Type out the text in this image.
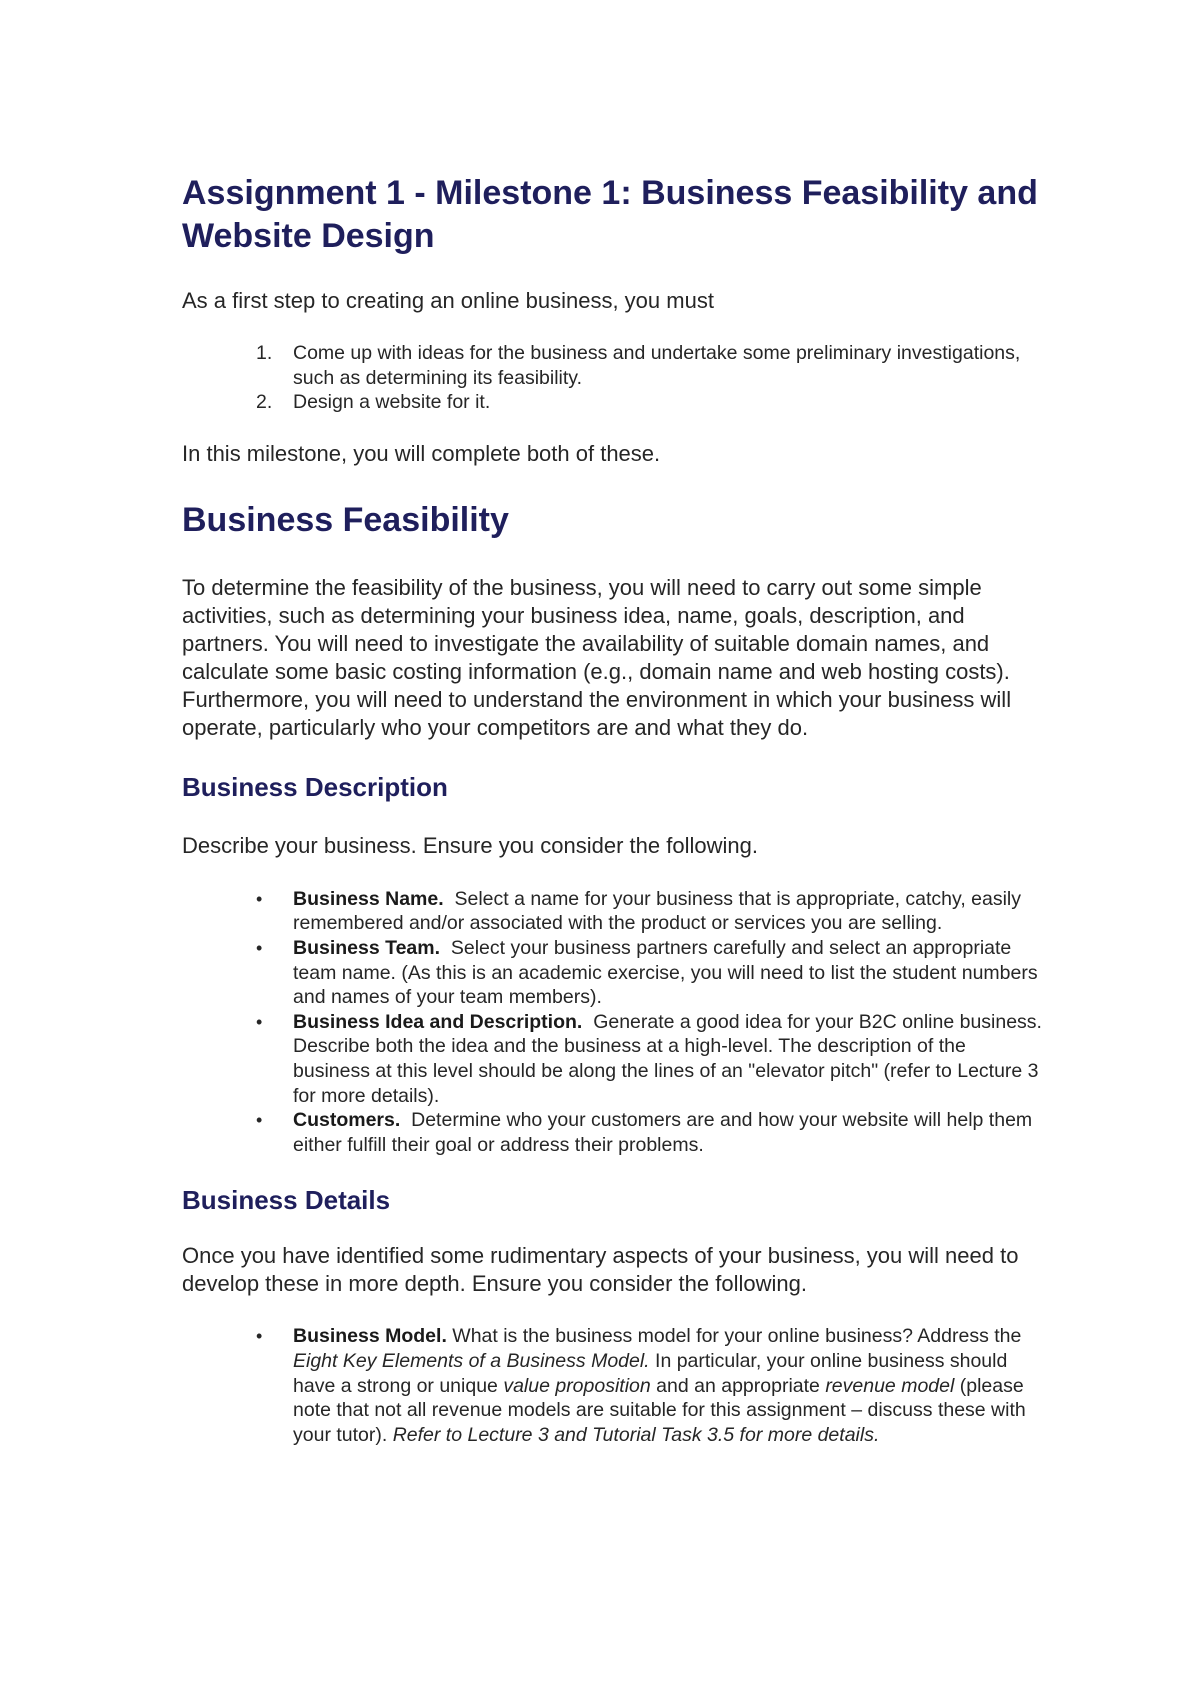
Assignment 1 - Milestone 1: Business Feasibility and Website Design

As a first step to creating an online business, you must

1. Come up with ideas for the business and undertake some preliminary investigations, such as determining its feasibility.
2. Design a website for it.

In this milestone, you will complete both of these.

Business Feasibility

To determine the feasibility of the business, you will need to carry out some simple activities, such as determining your business idea, name, goals, description, and partners. You will need to investigate the availability of suitable domain names, and calculate some basic costing information (e.g., domain name and web hosting costs). Furthermore, you will need to understand the environment in which your business will operate, particularly who your competitors are and what they do.

Business Description

Describe your business. Ensure you consider the following.

• Business Name. Select a name for your business that is appropriate, catchy, easily remembered and/or associated with the product or services you are selling.
• Business Team. Select your business partners carefully and select an appropriate team name. (As this is an academic exercise, you will need to list the student numbers and names of your team members).
• Business Idea and Description. Generate a good idea for your B2C online business. Describe both the idea and the business at a high-level. The description of the business at this level should be along the lines of an "elevator pitch" (refer to Lecture 3 for more details).
• Customers. Determine who your customers are and how your website will help them either fulfill their goal or address their problems.
Business Details

Once you have identified some rudimentary aspects of your business, you will need to develop these in more depth. Ensure you consider the following.

• Business Model. What is the business model for your online business? Address the Eight Key Elements of a Business Model. In particular, your online business should have a strong or unique value proposition and an appropriate revenue model (please note that not all revenue models are suitable for this assignment – discuss these with your tutor). Refer to Lecture 3 and Tutorial Task 3.5 for more details.
